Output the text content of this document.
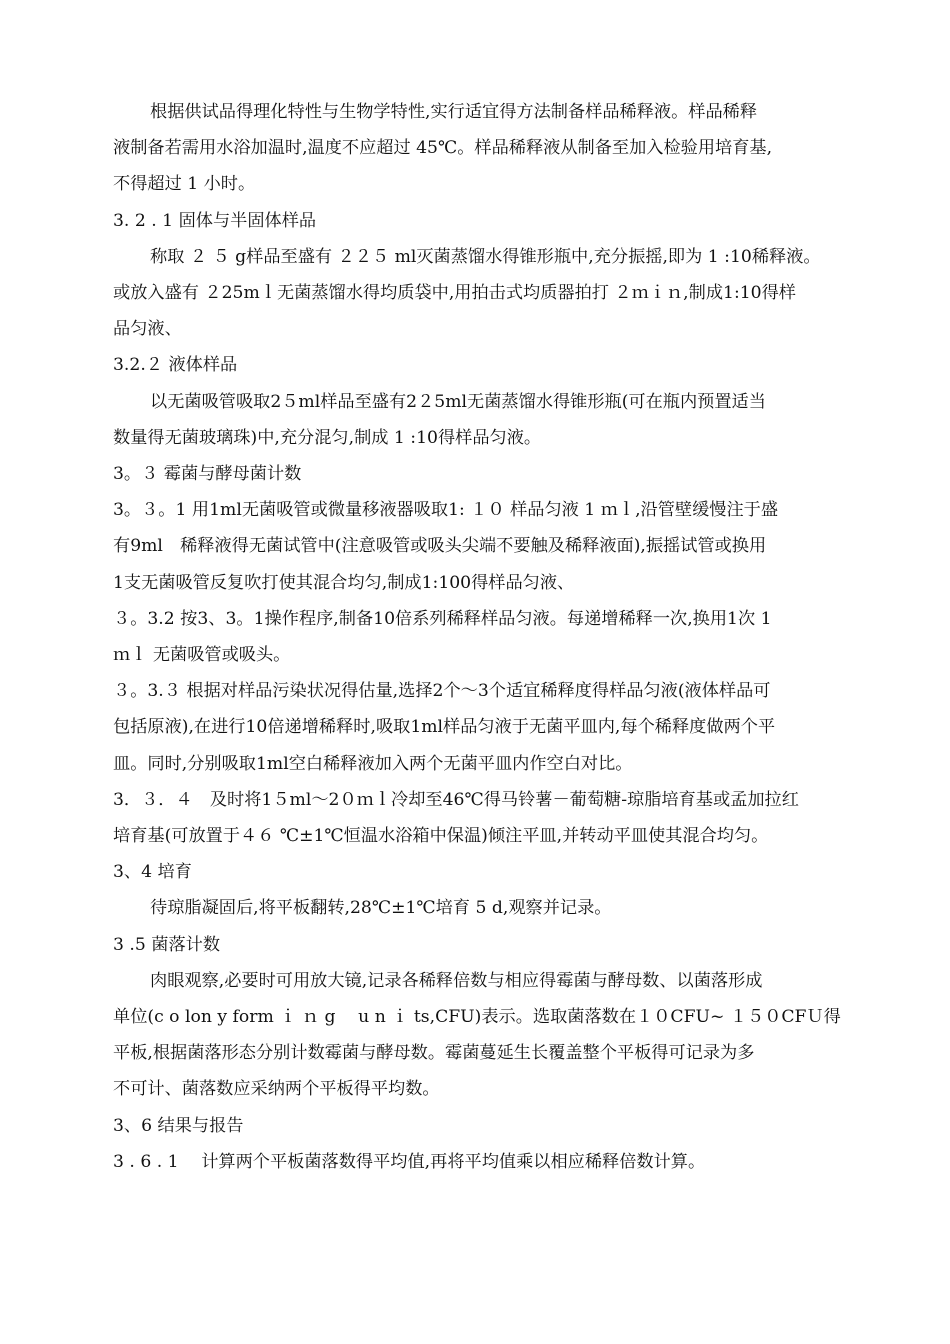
根据供试品得理化特性与生物学特性,实行适宜得方法制备样品稀释液。样品稀释

液制备若需用水浴加温时,温度不应超过 45℃。样品稀释液从制备至加入检验用培育基,

不得超过 1 小时。

3. 2 . 1 固体与半固体样品

称取 ２ ５ g样品至盛有 ２２５ ml灭菌蒸馏水得锥形瓶中,充分振摇,即为 1 :10稀释液。

或放入盛有 ２25mｌ无菌蒸馏水得均质袋中,用拍击式均质器拍打 ２ｍｉｎ,制成1:10得样

品匀液、

3.2.２ 液体样品

以无菌吸管吸取2５ml样品至盛有2２5ml无菌蒸馏水得锥形瓶(可在瓶内预置适当

数量得无菌玻璃珠)中,充分混匀,制成 1 :10得样品匀液。

3。３ 霉菌与酵母菌计数

3。３。1 用1ml无菌吸管或微量移液器吸取1: １０ 样品匀液 1 ｍｌ,沿管壁缓慢注于盛

有9ml　稀释液得无菌试管中(注意吸管或吸头尖端不要触及稀释液面),振摇试管或换用

1支无菌吸管反复吹打使其混合均匀,制成1:100得样品匀液、

３。3.2 按3、3。1操作程序,制备10倍系列稀释样品匀液。每递增稀释一次,换用1次 1

ｍｌ 无菌吸管或吸头。

３。3.３ 根据对样品污染状况得估量,选择2个～3个适宜稀释度得样品匀液(液体样品可

包括原液),在进行10倍递增稀释时,吸取1ml样品匀液于无菌平皿内,每个稀释度做两个平

皿。同时,分别吸取1ml空白稀释液加入两个无菌平皿内作空白对比。

3．３．４　及时将1５ml～2０ｍｌ冷却至46℃得马铃薯－葡萄糖-琼脂培育基或孟加拉红

培育基(可放置于４６ ℃±1℃恒温水浴箱中保温)倾注平皿,并转动平皿使其混合均匀。

3、4 培育

待琼脂凝固后,将平板翻转,28℃±1℃培育 5 d,观察并记录。

3 .5 菌落计数

肉眼观察,必要时可用放大镜,记录各稀释倍数与相应得霉菌与酵母数、以菌落形成

单位(c o lon y form ｉ ｎ g　 u n ｉ ts,CFU)表示。选取菌落数在１０CFU~ １５０CFＵ得

平板,根据菌落形态分别计数霉菌与酵母数。霉菌蔓延生长覆盖整个平板得可记录为多

不可计、菌落数应采纳两个平板得平均数。

3、6 结果与报告

3 . 6 . 1　 计算两个平板菌落数得平均值,再将平均值乘以相应稀释倍数计算。
